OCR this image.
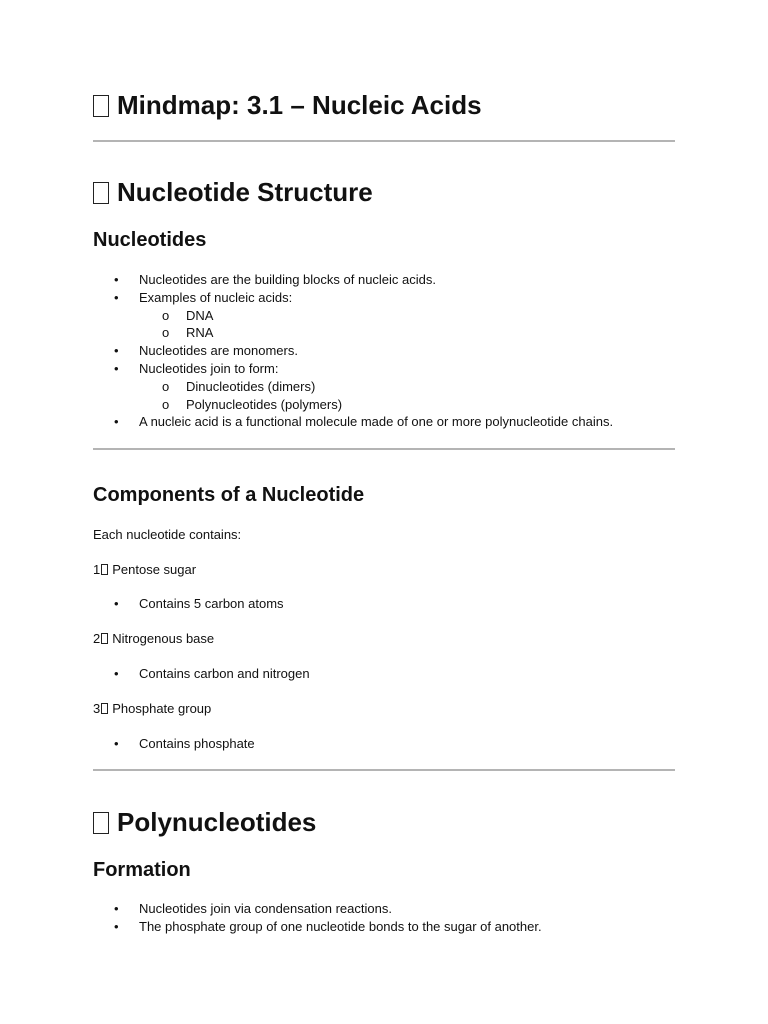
Mindmap: 3.1 – Nucleic Acids
Nucleotide Structure
Nucleotides
• Nucleotides are the building blocks of nucleic acids.
• Examples of nucleic acids:
o DNA
o RNA
• Nucleotides are monomers.
• Nucleotides join to form:
o Dinucleotides (dimers)
o Polynucleotides (polymers)
• A nucleic acid is a functional molecule made of one or more polynucleotide chains.
Components of a Nucleotide

Each nucleotide contains:

1 Pentose sugar

• Contains 5 carbon atoms

2 Nitrogenous base

• Contains carbon and nitrogen

3 Phosphate group

• Contains phosphate
Polynucleotides
Formation
• Nucleotides join via condensation reactions.
• The phosphate group of one nucleotide bonds to the sugar of another.
